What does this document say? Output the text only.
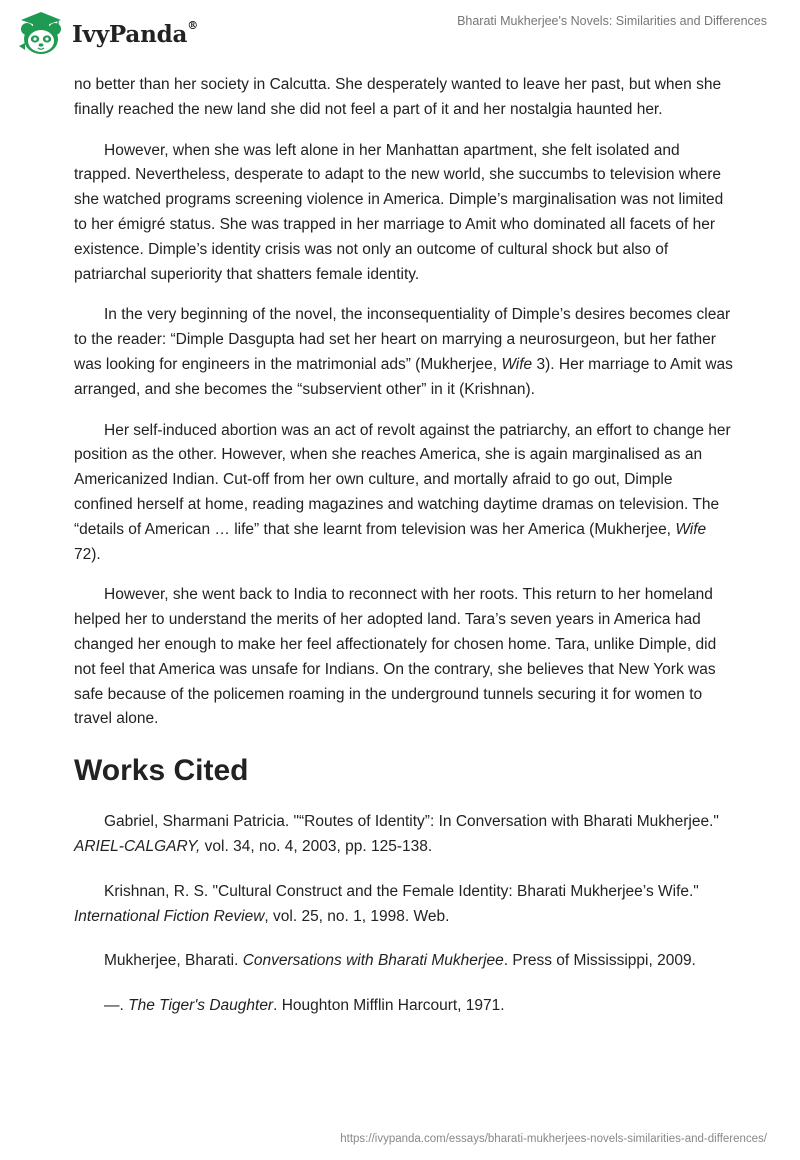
IvyPanda®	Bharati Mukherjee's Novels: Similarities and Differences

no better than her society in Calcutta. She desperately wanted to leave her past, but when she finally reached the new land she did not feel a part of it and her nostalgia haunted her.

However, when she was left alone in her Manhattan apartment, she felt isolated and trapped. Nevertheless, desperate to adapt to the new world, she succumbs to television where she watched programs screening violence in America. Dimple’s marginalisation was not limited to her émigré status. She was trapped in her marriage to Amit who dominated all facets of her existence. Dimple’s identity crisis was not only an outcome of cultural shock but also of patriarchal superiority that shatters female identity.

In the very beginning of the novel, the inconsequentiality of Dimple’s desires becomes clear to the reader: “Dimple Dasgupta had set her heart on marrying a neurosurgeon, but her father was looking for engineers in the matrimonial ads” (Mukherjee, Wife 3). Her marriage to Amit was arranged, and she becomes the “subservient other” in it (Krishnan).

Her self-induced abortion was an act of revolt against the patriarchy, an effort to change her position as the other. However, when she reaches America, she is again marginalised as an Americanized Indian. Cut-off from her own culture, and mortally afraid to go out, Dimple confined herself at home, reading magazines and watching daytime dramas on television. The “details of American … life” that she learnt from television was her America (Mukherjee, Wife 72).

However, she went back to India to reconnect with her roots. This return to her homeland helped her to understand the merits of her adopted land. Tara’s seven years in America had changed her enough to make her feel affectionately for chosen home. Tara, unlike Dimple, did not feel that America was unsafe for Indians. On the contrary, she believes that New York was safe because of the policemen roaming in the underground tunnels securing it for women to travel alone.

Works Cited

Gabriel, Sharmani Patricia. "“Routes of Identity”: In Conversation with Bharati Mukherjee." ARIEL-CALGARY, vol. 34, no. 4, 2003, pp. 125-138.

Krishnan, R. S. "Cultural Construct and the Female Identity: Bharati Mukherjee’s Wife." International Fiction Review, vol. 25, no. 1, 1998. Web.

Mukherjee, Bharati. Conversations with Bharati Mukherjee. Press of Mississippi, 2009.

—. The Tiger's Daughter. Houghton Mifflin Harcourt, 1971.

https://ivypanda.com/essays/bharati-mukherjees-novels-similarities-and-differences/
